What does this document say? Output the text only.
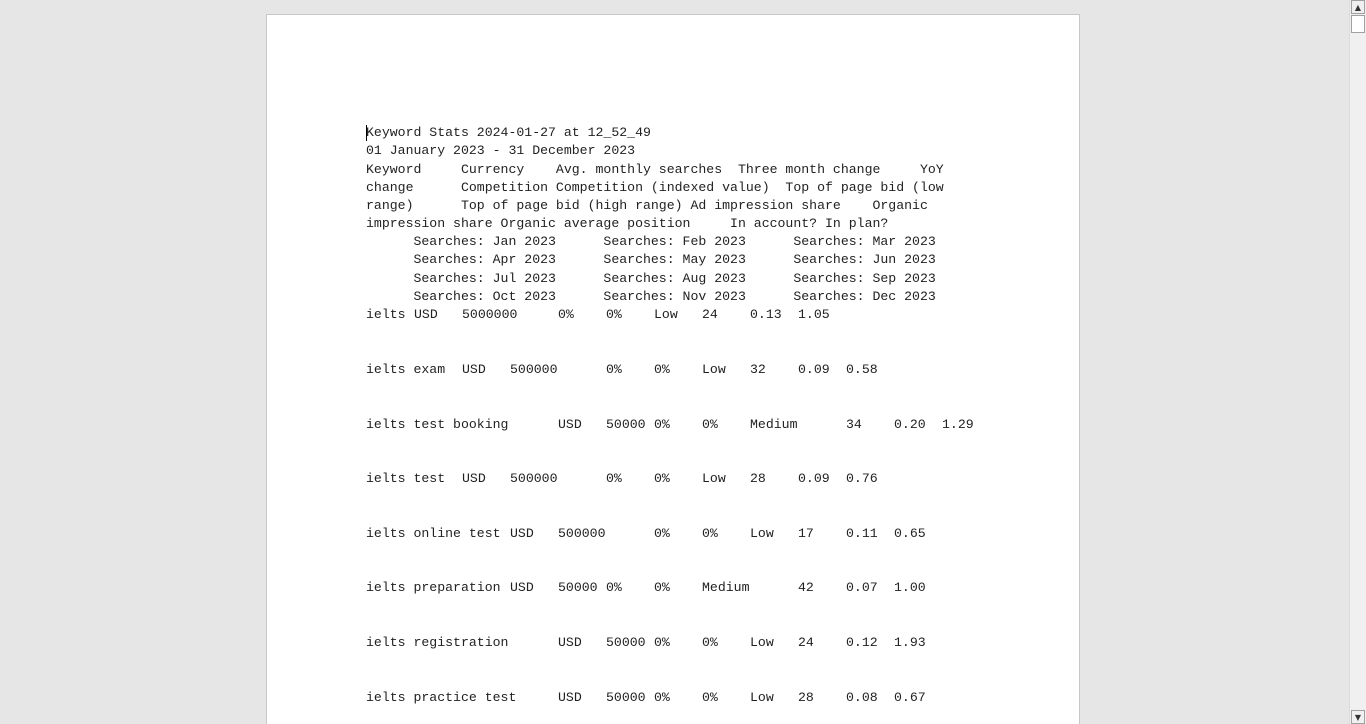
Keyword Stats 2024-01-27 at 12_52_49
01 January 2023 - 31 December 2023
Keyword     Currency    Avg. monthly searches  Three month change     YoY
change      Competition Competition (indexed value)  Top of page bid (low
range)      Top of page bid (high range) Ad impression share    Organic
impression share Organic average position     In account? In plan?
Searches: Jan 2023      Searches: Feb 2023      Searches: Mar 2023
Searches: Apr 2023      Searches: May 2023      Searches: Jun 2023
Searches: Jul 2023      Searches: Aug 2023      Searches: Sep 2023
Searches: Oct 2023      Searches: Nov 2023      Searches: Dec 2023
ielts USD 5000000	0% 0% Low 24 0.13 1.05
ielts exam USD 500000	0% 0% Low 32 0.09 0.58
ielts test booking	USD 50000 0% 0% Medium	34 0.20 1.29
ielts test USD 500000	0% 0% Low 28 0.09 0.76
ielts online test USD 500000	0% 0% Low 17 0.11 0.65
ielts preparation USD 50000 0% 0% Medium	42 0.07 1.00
ielts registration	USD 50000 0% 0% Low 24 0.12 1.93
ielts practice test	USD 50000 0% 0% Low 28 0.08 0.67
▲
▼
